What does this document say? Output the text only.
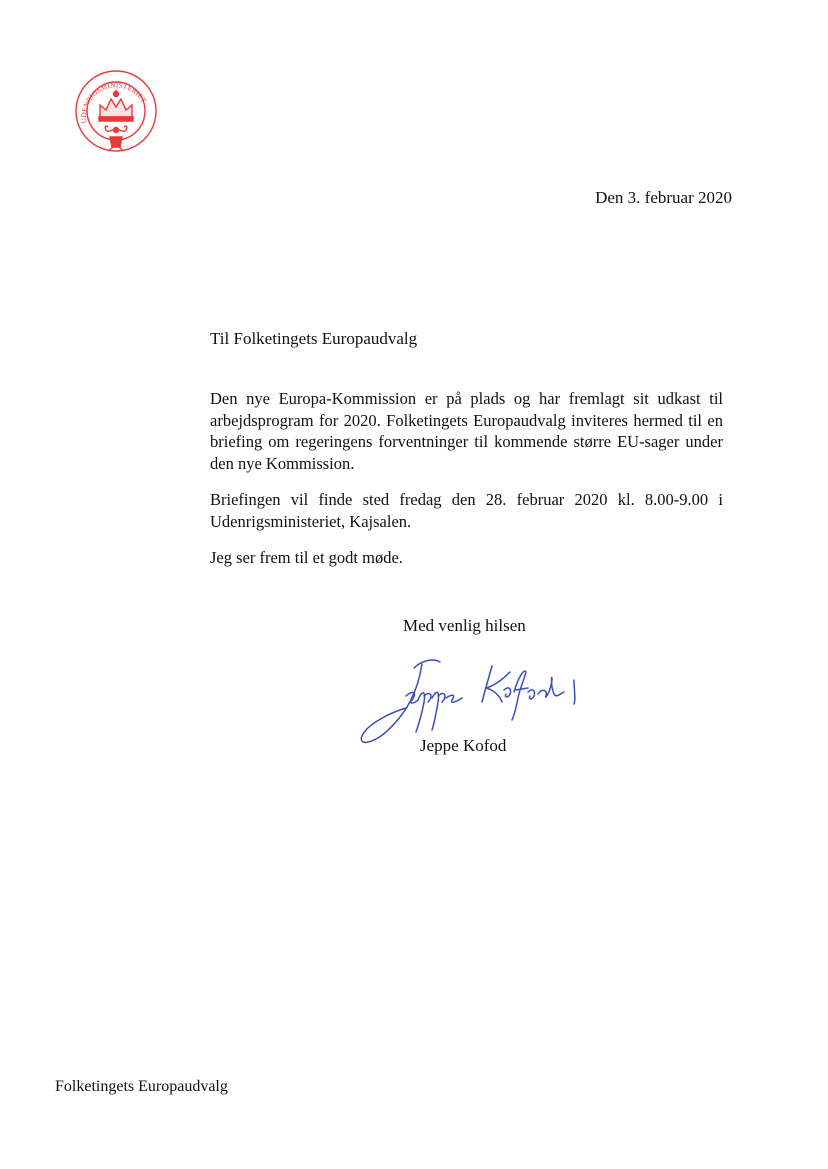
UDENRIGSMINISTERIET
Den 3. februar 2020
Til Folketingets Europaudvalg

Den nye Europa-Kommission er på plads og har fremlagt sit udkast til arbejdsprogram for 2020. Folketingets Europaudvalg inviteres hermed til en briefing om regeringens forventninger til kommende større EU-sager under den nye Kommission.

Briefingen vil finde sted fredag den 28. februar 2020 kl. 8.00-9.00 i Udenrigsministeriet, Kajsalen.

Jeg ser frem til et godt møde.

Med venlig hilsen
Jeppe Kofod
Jeppe Kofod
Folketingets Europaudvalg
